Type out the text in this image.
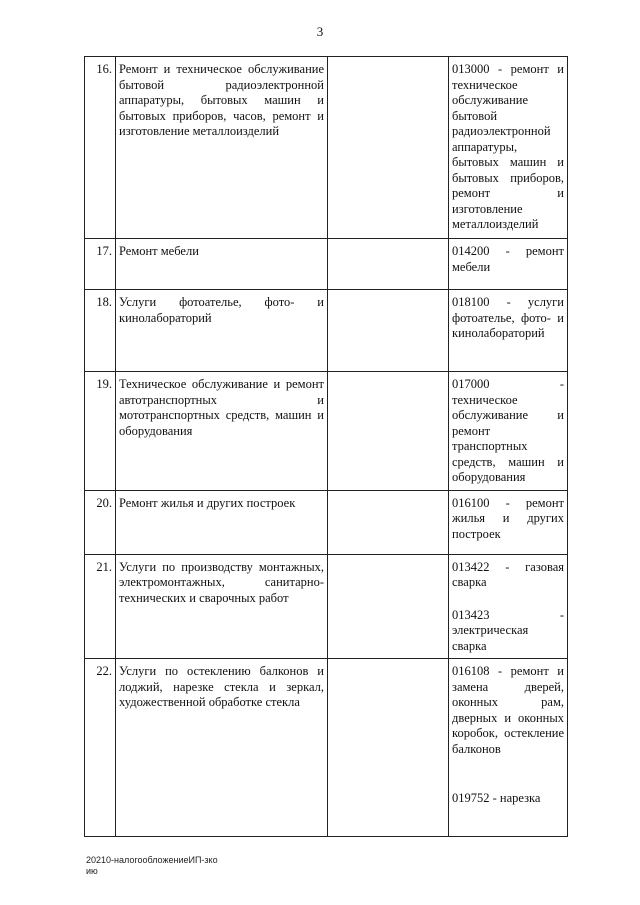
3
16.	Ремонт и техническое обслуживание бытовой радиоэлектронной аппаратуры, бытовых машин и бытовых приборов, часов, ремонт и изготовление металлоизделий		013000 - ремонт и техническое обслуживание бытовой радиоэлектронной аппаратуры, бытовых машин и бытовых приборов, ремонт и изготовление металлоизделий

17.	Ремонт мебели		014200 - ремонт мебели

18.	Услуги фотоателье, фото- и кинолабораторий		018100 - услуги фотоателье, фото- и кинолабораторий

19.	Техническое обслуживание и ремонт автотранспортных и мототранспортных средств, машин и оборудования		017000 - техническое обслуживание и ремонт транспортных средств, машин и оборудования

20.	Ремонт жилья и других построек		016100 - ремонт жилья и других построек

21.	Услуги по производству монтажных, электромонтажных, санитарно-технических и сварочных работ		013422 - газовая сварка
013423 - электрическая сварка

22.	Услуги по остеклению балконов и лоджий, нарезке стекла и зеркал, художественной обработке стекла		016108 - ремонт и замена дверей, оконных рам, дверных и оконных коробок, остекление балконов
019752 - нарезка
20210-налогообложениеИП-зко
ию
